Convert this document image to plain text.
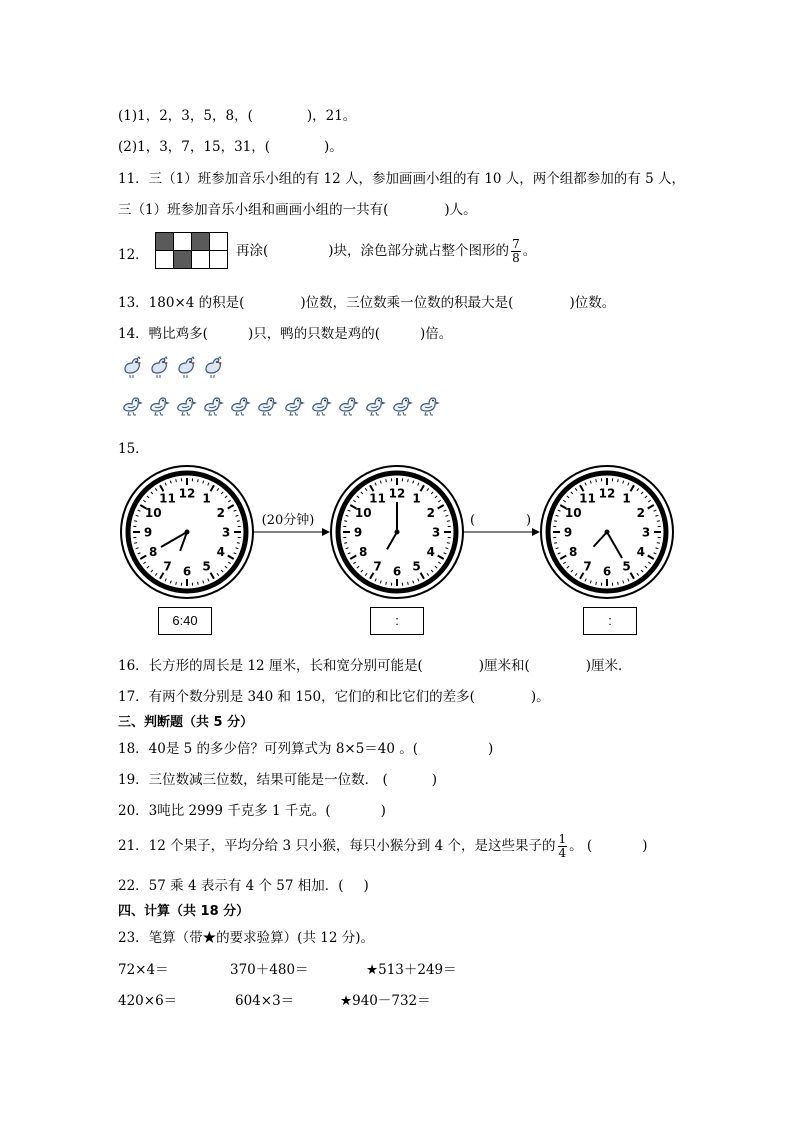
(1)1，2，3，5，8，(	)，21。
(2)1，3，7，15，31，(	)。
11．三（1）班参加音乐小组的有 12 人，参加画画小组的有 10 人，两个组都参加的有 5 人，
三（1）班参加音乐小组和画画小组的一共有(	)人。
12．

				再涂(	)块，涂色部分就占整个图形的 $\frac{7}{8}$ 。
13．180×4 的积是(	)位数，三位数乘一位数的积最大是(	)位数。
14．鸭比鸡多(	)只，鸭的只数是鸡的(	)倍。
15．
1
2
3
4
5
6
7
8
9
10
11 12	1
2
3
4
5
6
7
8
9
10
11 12	1
2
3
4
5
6
7
8
9
10
11 12
(20分钟)	(	)
6:40	:	:
16．长方形的周长是 12 厘米，长和宽分别可能是(	)厘米和(	)厘米．
17．有两个数分别是 340 和 150，它们的和比它们的差多(	)。
三、判断题（共 5 分）
18．40是 5 的多少倍？可列算式为 8×5＝40 。(	)
19．三位数减三位数，结果可能是一位数． (	)
20．3吨比 2999 千克多 1 千克。(	)
21．12 个果子，平均分给 3 只小猴，每只小猴分到 4 个，是这些果子的 $\frac{1}{4}$ 。 (	)
22．57 乘 4 表示有 4 个 57 相加．( )
四、计算（共 18 分）
23．笔算（带★的要求验算）(共 12 分)。
72×4＝	370＋480＝	★513＋249＝
420×6＝	604×3＝	★940－732＝
